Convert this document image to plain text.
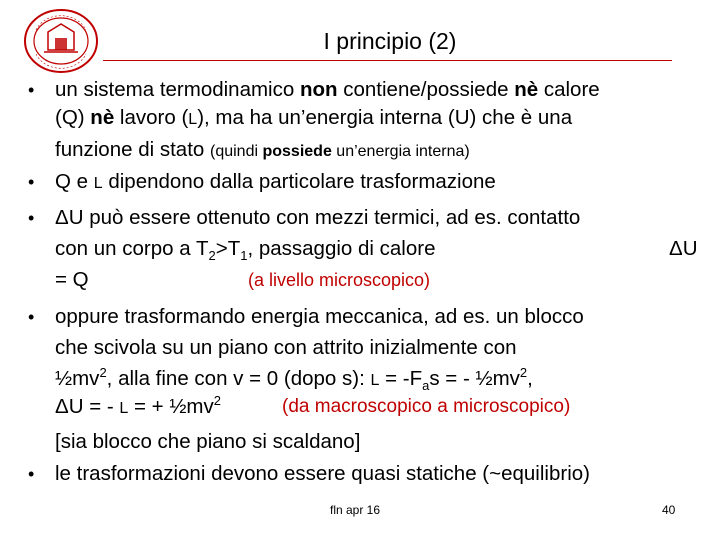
I principio (2)
• un sistema termodinamico non contiene/possiede nè calore
(Q) nè lavoro (L), ma ha un’energia interna (U) che è una
funzione di stato (quindi possiede un’energia interna)
• Q e L dipendono dalla particolare trasformazione
• ΔU può essere ottenuto con mezzi termici, ad es. contatto
con un corpo a $T_2>T_1$, passaggio di calore	ΔU
= Q	(a livello microscopico)
• oppure trasformando energia meccanica, ad es. un blocco
che scivola su un piano con attrito inizialmente con
$\frac{1}{2}mv^2$, alla fine con v = 0 (dopo s): $L = -F_as$ = - $\frac{1}{2}mv^2$,
ΔU = - L = + $\frac{1}{2}mv^2$	(da macroscopico a microscopico)
[sia blocco che piano si scaldano]
• le trasformazioni devono essere quasi statiche (~equilibrio)
fln apr 16	40
